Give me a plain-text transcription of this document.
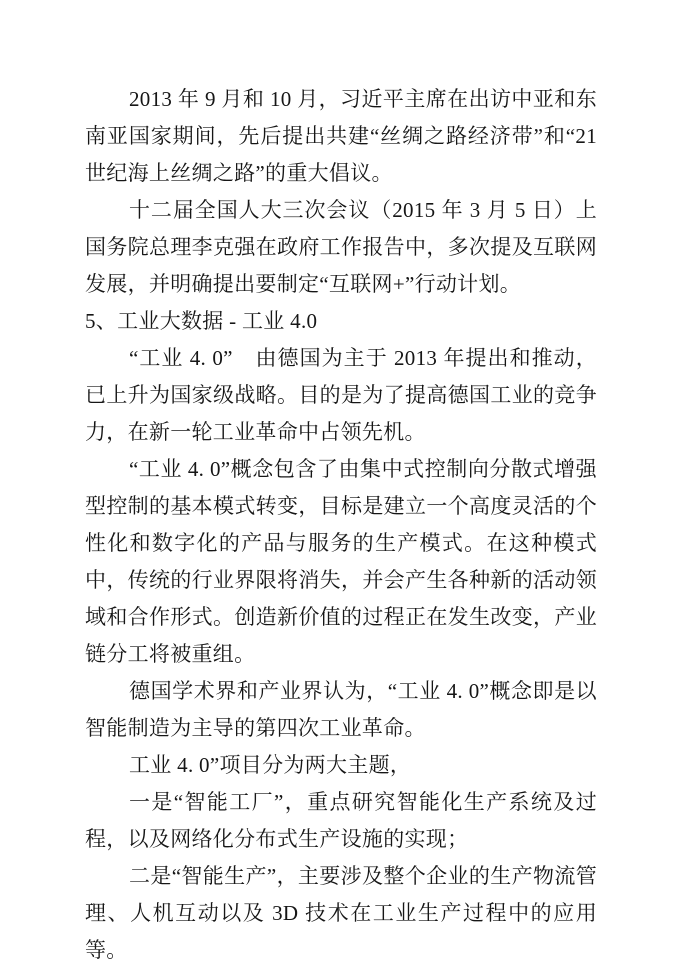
2013 年 9 月和 10 月，习近平主席在出访中亚和东南亚国家期间，先后提出共建“丝绸之路经济带”和“21 世纪海上丝绸之路”的重大倡议。

十二届全国人大三次会议（2015 年 3 月 5 日）上国务院总理李克强在政府工作报告中，多次提及互联网发展，并明确提出要制定“互联网+”行动计划。

5、工业大数据 - 工业 4.0

“工业 4. 0”　由德国为主于 2013 年提出和推动，已上升为国家级战略。目的是为了提高德国工业的竞争力，在新一轮工业革命中占领先机。

“工业 4. 0”概念包含了由集中式控制向分散式增强型控制的基本模式转变，目标是建立一个高度灵活的个性化和数字化的产品与服务的生产模式。在这种模式中，传统的行业界限将消失，并会产生各种新的活动领域和合作形式。创造新价值的过程正在发生改变，产业链分工将被重组。

德国学术界和产业界认为，“工业 4. 0”概念即是以智能制造为主导的第四次工业革命。

工业 4. 0”项目分为两大主题，

一是“智能工厂”，重点研究智能化生产系统及过程，以及网络化分布式生产设施的实现；

二是“智能生产”，主要涉及整个企业的生产物流管理、人机互动以及 3D 技术在工业生产过程中的应用等。
